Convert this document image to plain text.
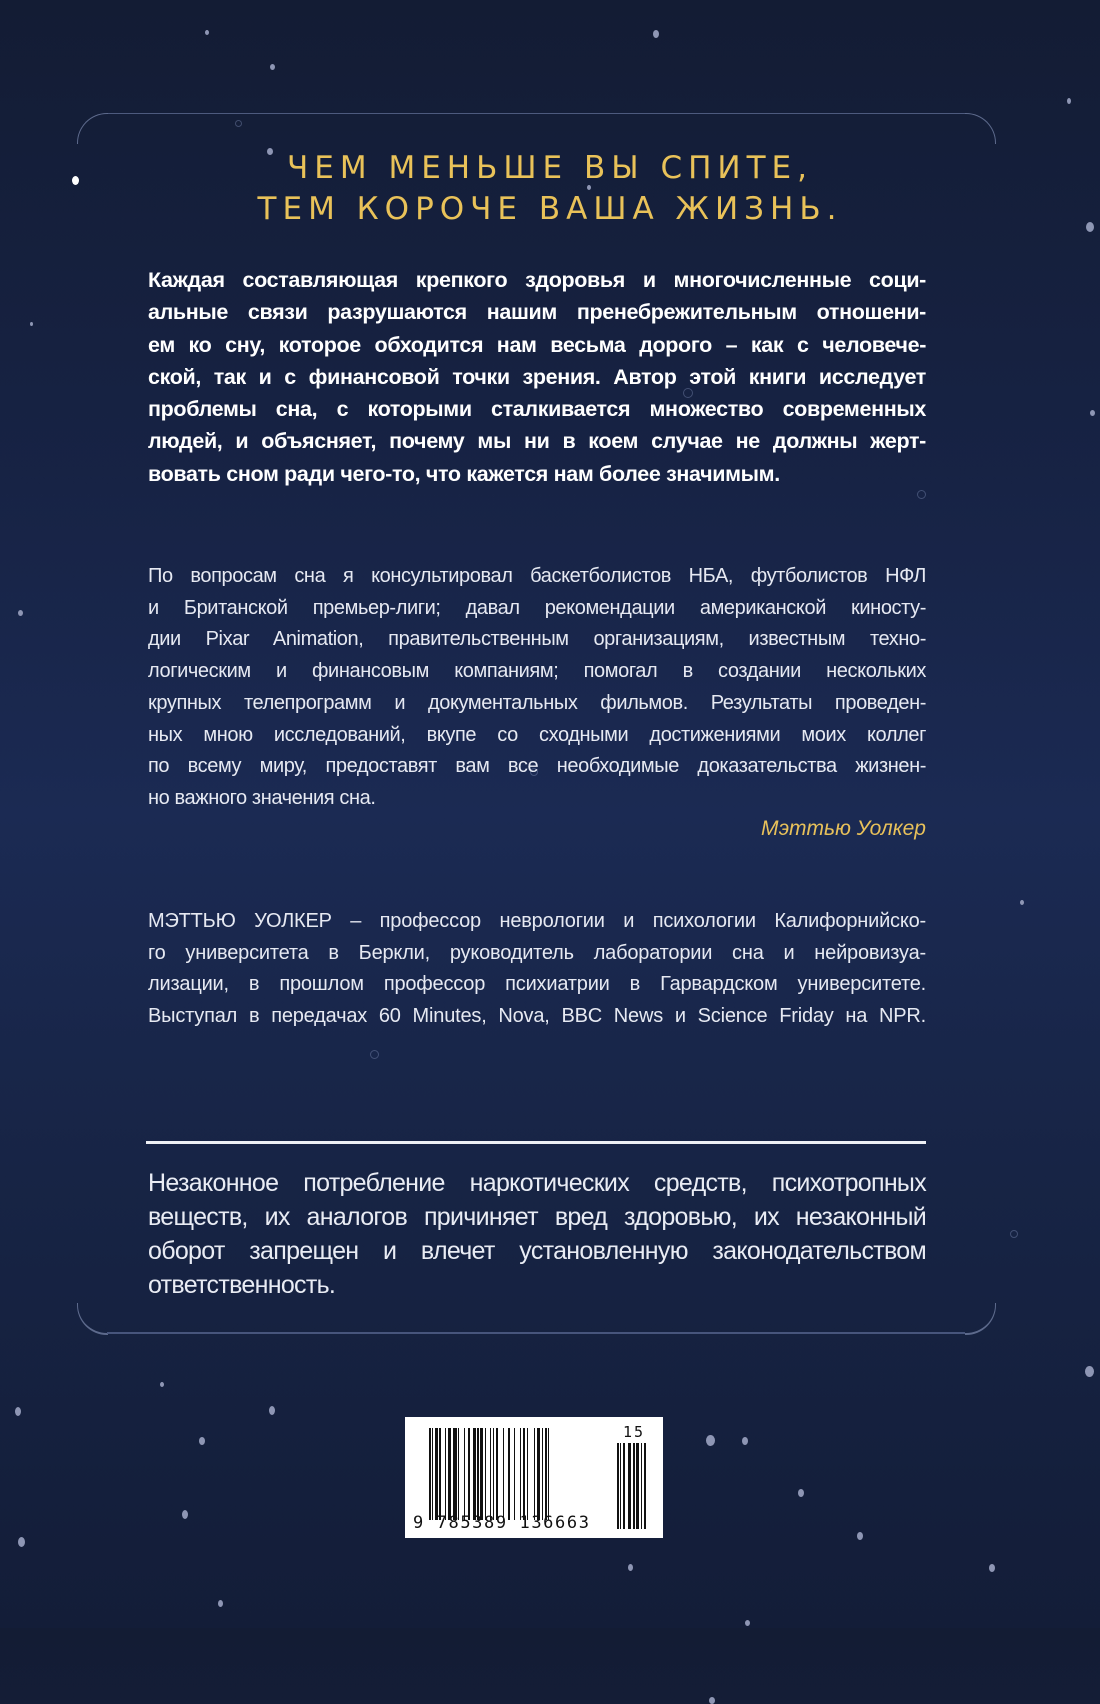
ЧЕМ МЕНЬШЕ ВЫ СПИТЕ,
ТЕМ КОРОЧЕ ВАША ЖИЗНЬ.
Каждая составляющая крепкого здоровья и многочисленные соци-
альные связи разрушаются нашим пренебрежительным отношени-
ем ко сну, которое обходится нам весьма дорого – как с человече-
ской, так и с финансовой точки зрения. Автор этой книги исследует
проблемы сна, с которыми сталкивается множество современных
людей, и объясняет, почему мы ни в коем случае не должны жерт-
вовать сном ради чего-то, что кажется нам более значимым.
По вопросам сна я консультировал баскетболистов НБА, футболистов НФЛ
и Британской премьер-лиги; давал рекомендации американской киносту-
дии Pixar Animation, правительственным организациям, известным техно-
логическим и финансовым компаниям; помогал в создании нескольких
крупных телепрограмм и документальных фильмов. Результаты проведен-
ных мною исследований, вкупе со сходными достижениями моих коллег
по всему миру, предоставят вам все необходимые доказательства жизнен-
но важного значения сна.
Мэттью Уолкер
МЭТТЬЮ УОЛКЕР – профессор неврологии и психологии Калифорнийско-
го университета в Беркли, руководитель лаборатории сна и нейровизуа-
лизации, в прошлом профессор психиатрии в Гарвардском университете.
Выступал в передачах 60 Minutes, Nova, BBC News и Science Friday на NPR.
Незаконное потребление наркотических средств, психотропных
веществ, их аналогов причиняет вред здоровью, их незаконный
оборот запрещен и влечет установленную законодательством
ответственность.
9 785389 136663
15
